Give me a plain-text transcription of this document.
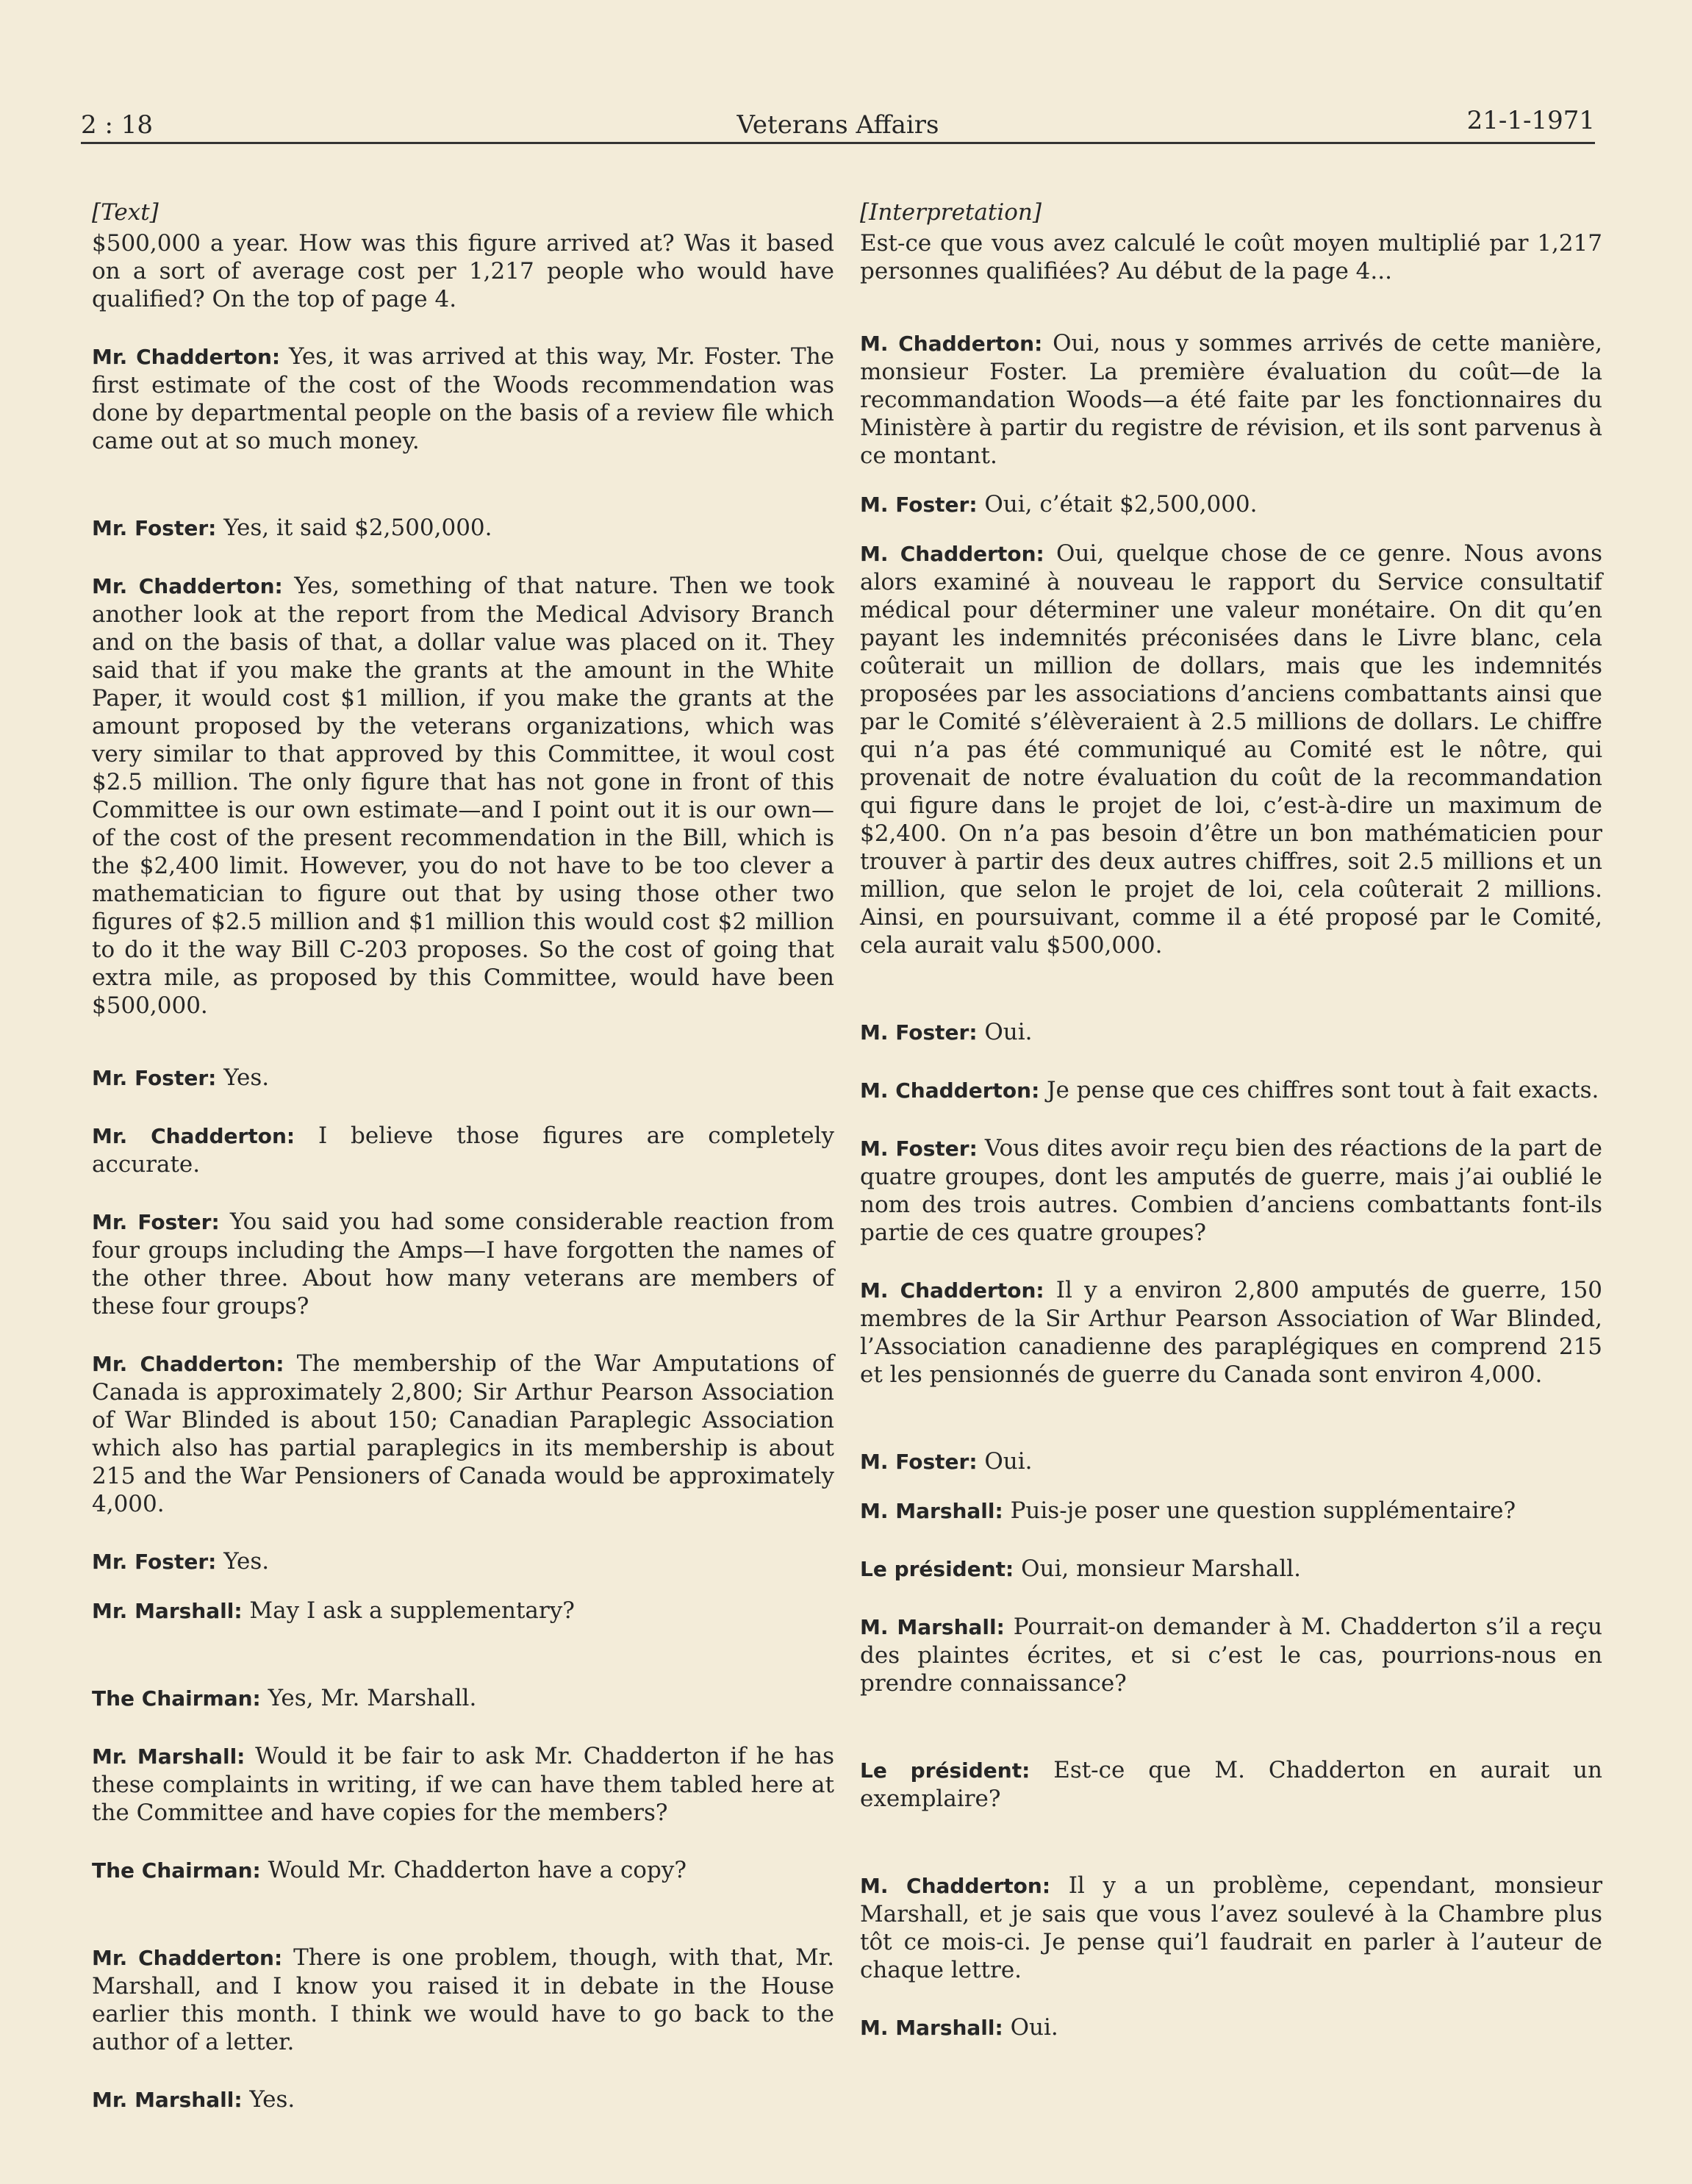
2 : 18	Veterans Affairs	21-1-1971
[Text]

$500,000 a year. How was this figure arrived at? Was it based on a sort of average cost per 1,217 people who would have qualified? On the top of page 4.

Mr. Chadderton: Yes, it was arrived at this way, Mr. Foster. The first estimate of the cost of the Woods recommendation was done by departmental people on the basis of a review file which came out at so much money.

Mr. Foster: Yes, it said $2,500,000.

Mr. Chadderton: Yes, something of that nature. Then we took another look at the report from the Medical Advisory Branch and on the basis of that, a dollar value was placed on it. They said that if you make the grants at the amount in the White Paper, it would cost $1 million, if you make the grants at the amount proposed by the veterans organizations, which was very similar to that approved by this Committee, it woul cost $2.5 million. The only figure that has not gone in front of this Committee is our own estimate—and I point out it is our own—of the cost of the present recommendation in the Bill, which is the $2,400 limit. However, you do not have to be too clever a mathematician to figure out that by using those other two figures of $2.5 million and $1 million this would cost $2 million to do it the way Bill C-203 proposes. So the cost of going that extra mile, as proposed by this Committee, would have been $500,000.

Mr. Foster: Yes.

Mr. Chadderton: I believe those figures are completely accurate.

Mr. Foster: You said you had some considerable reaction from four groups including the Amps—I have forgotten the names of the other three. About how many veterans are members of these four groups?

Mr. Chadderton: The membership of the War Amputations of Canada is approximately 2,800; Sir Arthur Pearson Association of War Blinded is about 150; Canadian Paraplegic Association which also has partial paraplegics in its membership is about 215 and the War Pensioners of Canada would be approximately 4,000.

Mr. Foster: Yes.

Mr. Marshall: May I ask a supplementary?

The Chairman: Yes, Mr. Marshall.

Mr. Marshall: Would it be fair to ask Mr. Chadderton if he has these complaints in writing, if we can have them tabled here at the Committee and have copies for the members?

The Chairman: Would Mr. Chadderton have a copy?

Mr. Chadderton: There is one problem, though, with that, Mr. Marshall, and I know you raised it in debate in the House earlier this month. I think we would have to go back to the author of a letter.

Mr. Marshall: Yes.

[Interpretation]

Est-ce que vous avez calculé le coût moyen multiplié par 1,217 personnes qualifiées? Au début de la page 4...

M. Chadderton: Oui, nous y sommes arrivés de cette manière, monsieur Foster. La première évaluation du coût—de la recommandation Woods—a été faite par les fonctionnaires du Ministère à partir du registre de révision, et ils sont parvenus à ce montant.

M. Foster: Oui, c’était $2,500,000.

M. Chadderton: Oui, quelque chose de ce genre. Nous avons alors examiné à nouveau le rapport du Service consultatif médical pour déterminer une valeur monétaire. On dit qu’en payant les indemnités préconisées dans le Livre blanc, cela coûterait un million de dollars, mais que les indemnités proposées par les associations d’anciens combattants ainsi que par le Comité s’élèveraient à 2.5 millions de dollars. Le chiffre qui n’a pas été communiqué au Comité est le nôtre, qui provenait de notre évaluation du coût de la recommandation qui figure dans le projet de loi, c’est-à-dire un maximum de $2,400. On n’a pas besoin d’être un bon mathématicien pour trouver à partir des deux autres chiffres, soit 2.5 millions et un million, que selon le projet de loi, cela coûterait 2 millions. Ainsi, en poursuivant, comme il a été proposé par le Comité, cela aurait valu $500,000.

M. Foster: Oui.

M. Chadderton: Je pense que ces chiffres sont tout à fait exacts.

M. Foster: Vous dites avoir reçu bien des réactions de la part de quatre groupes, dont les amputés de guerre, mais j’ai oublié le nom des trois autres. Combien d’anciens combattants font-ils partie de ces quatre groupes?

M. Chadderton: Il y a environ 2,800 amputés de guerre, 150 membres de la Sir Arthur Pearson Association of War Blinded, l’Association canadienne des paraplégiques en comprend 215 et les pensionnés de guerre du Canada sont environ 4,000.

M. Foster: Oui.

M. Marshall: Puis-je poser une question supplémentaire?

Le président: Oui, monsieur Marshall.

M. Marshall: Pourrait-on demander à M. Chadderton s’il a reçu des plaintes écrites, et si c’est le cas, pourrions-nous en prendre connaissance?

Le président: Est-ce que M. Chadderton en aurait un exemplaire?

M. Chadderton: Il y a un problème, cependant, monsieur Marshall, et je sais que vous l’avez soulevé à la Chambre plus tôt ce mois-ci. Je pense qui’l faudrait en parler à l’auteur de chaque lettre.

M. Marshall: Oui.
